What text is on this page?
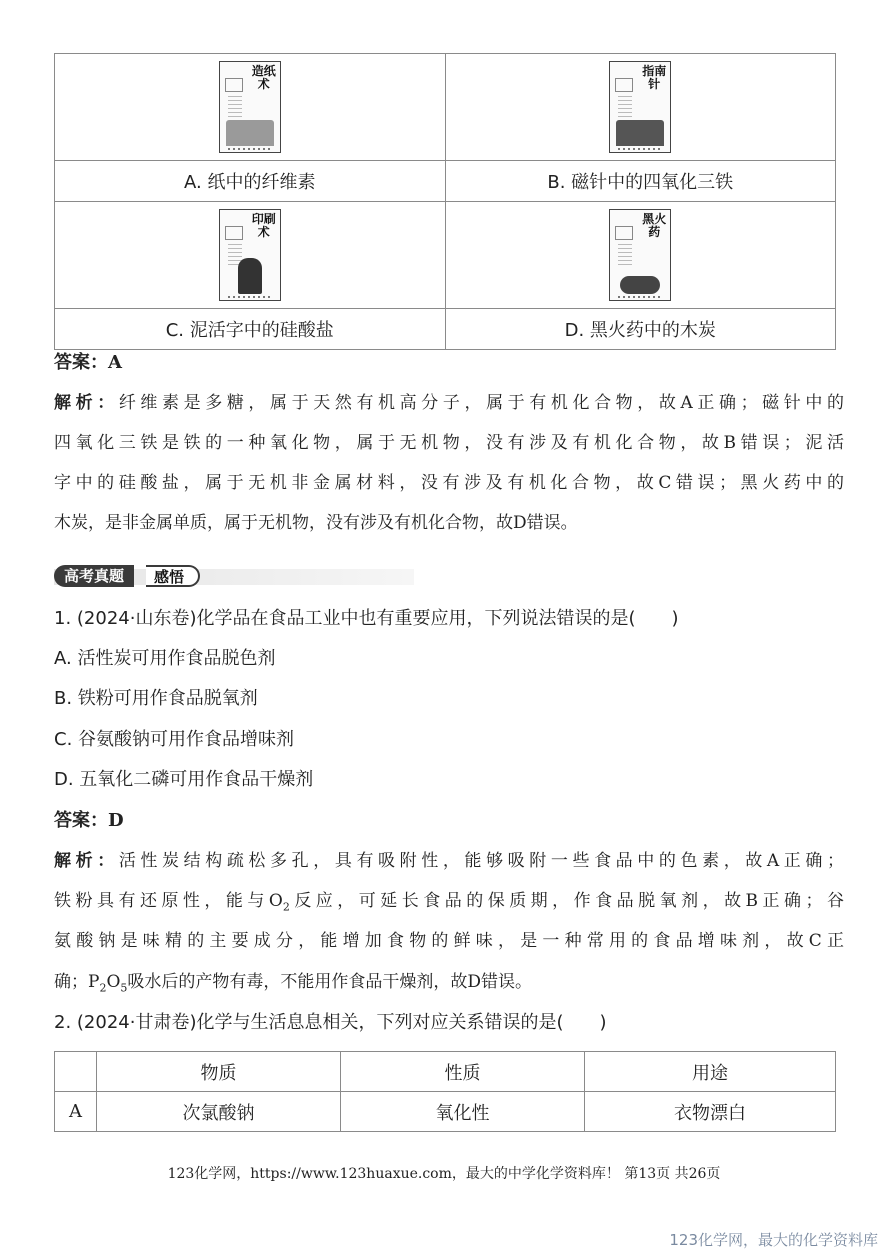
造纸术	指南针

A. 纸中的纤维素	B. 磁针中的四氧化三铁

印刷术	黑火药

C. 泥活字中的硅酸盐	D. 黑火药中的木炭
答案：A
解析：纤维素是多糖，属于天然有机高分子，属于有机化合物，故A正确；磁针中的
四氧化三铁是铁的一种氧化物，属于无机物，没有涉及有机化合物，故B错误；泥活
字中的硅酸盐，属于无机非金属材料，没有涉及有机化合物，故C错误；黑火药中的
木炭，是非金属单质，属于无机物，没有涉及有机化合物，故D错误。
高考真题	感悟
1. (2024·山东卷)化学品在食品工业中也有重要应用，下列说法错误的是(　　)
A. 活性炭可用作食品脱色剂
B. 铁粉可用作食品脱氧剂
C. 谷氨酸钠可用作食品增味剂
D. 五氧化二磷可用作食品干燥剂
答案：D
解析：活性炭结构疏松多孔，具有吸附性，能够吸附一些食品中的色素，故A正确；
铁粉具有还原性，能与$O_2$反应，可延长食品的保质期，作食品脱氧剂，故B正确；谷
氨酸钠是味精的主要成分，能增加食物的鲜味，是一种常用的食品增味剂，故C正
确；$P_2O_5$吸水后的产物有毒，不能用作食品干燥剂，故D错误。
2. (2024·甘肃卷)化学与生活息息相关，下列对应关系错误的是(　　)
	物质	性质	用途
A	次氯酸钠	氧化性	衣物漂白
123化学网，https://www.123huaxue.com，最大的中学化学资料库！ 第13页 共26页
123化学网，最大的化学资料库
